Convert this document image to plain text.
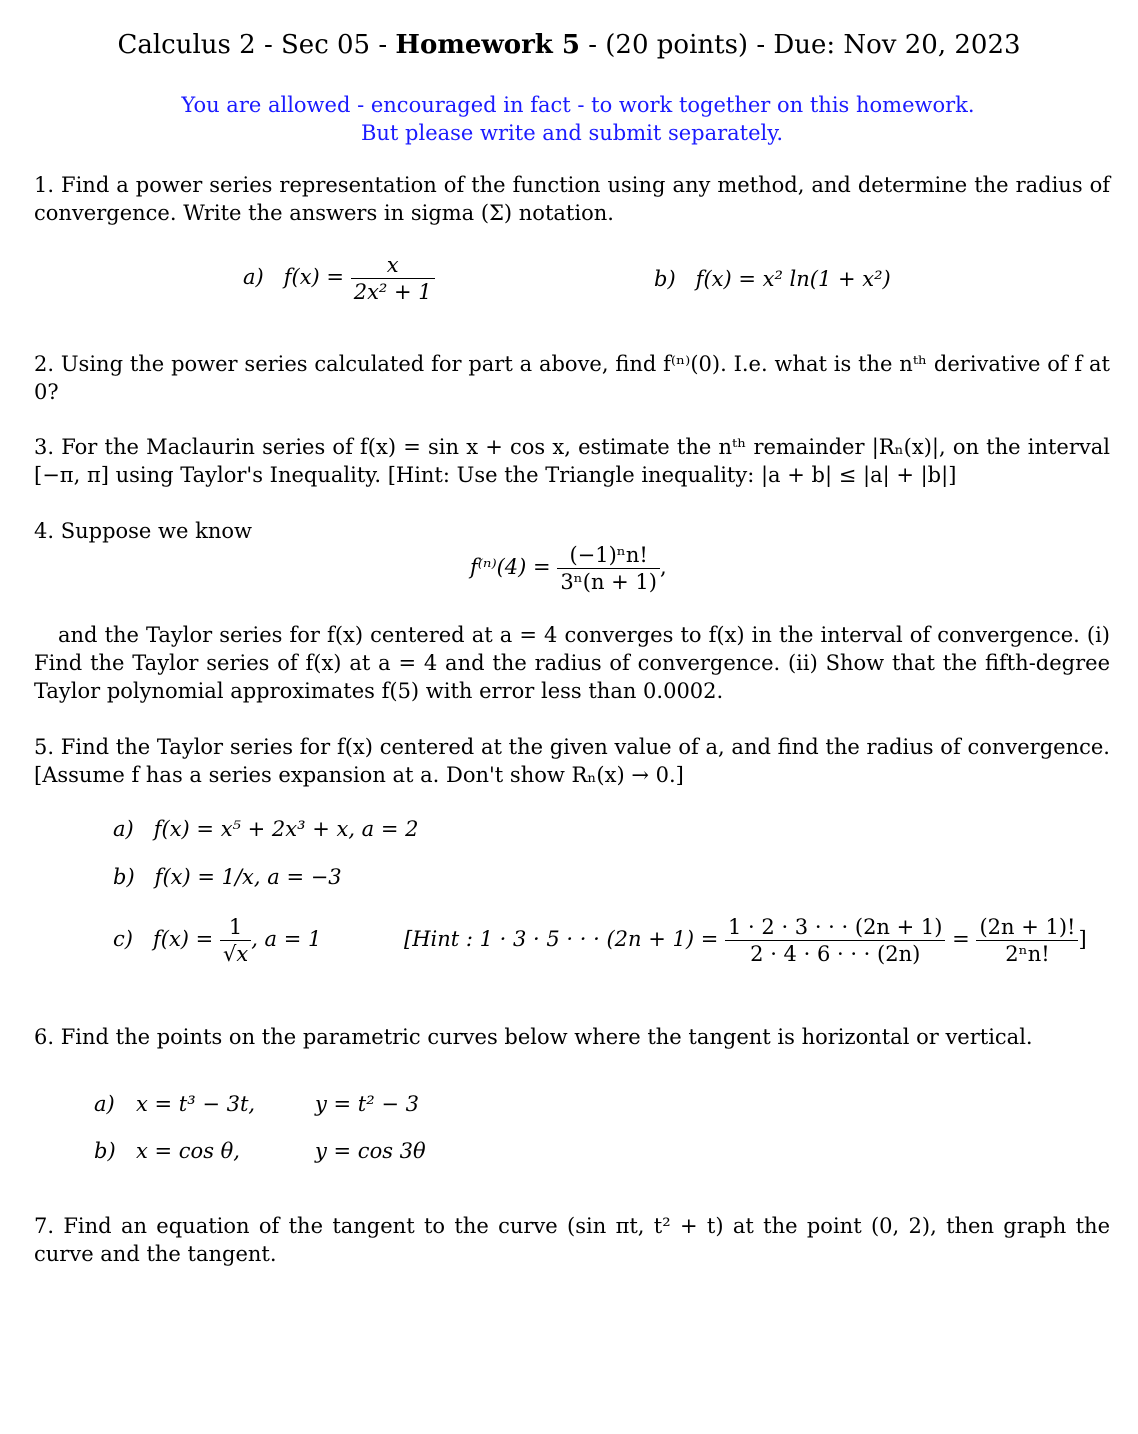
Calculus 2 - Sec 05 - Homework 5 - (20 points) - Due: Nov 20, 2023
You are allowed - encouraged in fact - to work together on this homework.
But please write and submit separately.
1. Find a power series representation of the function using any method, and determine the radius of convergence. Write the answers in sigma (Σ) notation.
a) $f(x) = \frac{x}{\text{2x² + 1}}$	b) f(x) = x² ln(1 + x²)
2. Using the power series calculated for part a above, find f⁽ⁿ⁾(0). I.e. what is the nᵗʰ derivative of f at 0?
3. For the Maclaurin series of f(x) = sin x + cos x, estimate the nᵗʰ remainder |Rₙ(x)|, on the interval [−π, π] using Taylor's Inequality. [Hint: Use the Triangle inequality: |a + b| ≤ |a| + |b|]
4. Suppose we know
$f^{(n)}(4) = \frac{\text{(−1)ⁿn!}}{\text{3ⁿ(n + 1)}}$ ,
and the Taylor series for f(x) centered at a = 4 converges to f(x) in the interval of convergence. (i) Find the Taylor series of f(x) at a = 4 and the radius of convergence. (ii) Show that the fifth-degree Taylor polynomial approximates f(5) with error less than 0.0002.
5. Find the Taylor series for f(x) centered at the given value of a, and find the radius of convergence. [Assume f has a series expansion at a. Don't show Rₙ(x) → 0.]
a) f(x) = x⁵ + 2x³ + x, a = 2
b) f(x) = 1/x, a = −3
c) $f(x) = \frac{1}{√x}$ , a = 1	[Hint : 1 · 3 · 5 · · · $(2n + 1) = \frac{1 \cdot 2 \cdot 3 \cdot \cdot \cdot (2n + 1)}{2 \cdot 4 \cdot 6 \cdot \cdot \cdot (2n)} = \frac{(2n + 1)!}{\text{2ⁿn!}}$ ]
6. Find the points on the parametric curves below where the tangent is horizontal or vertical.
a) x = t³ − 3t,	y = t² − 3
b) x = cos θ,	y = cos 3θ
7. Find an equation of the tangent to the curve (sin πt, t² + t) at the point (0, 2), then graph the curve and the tangent.
